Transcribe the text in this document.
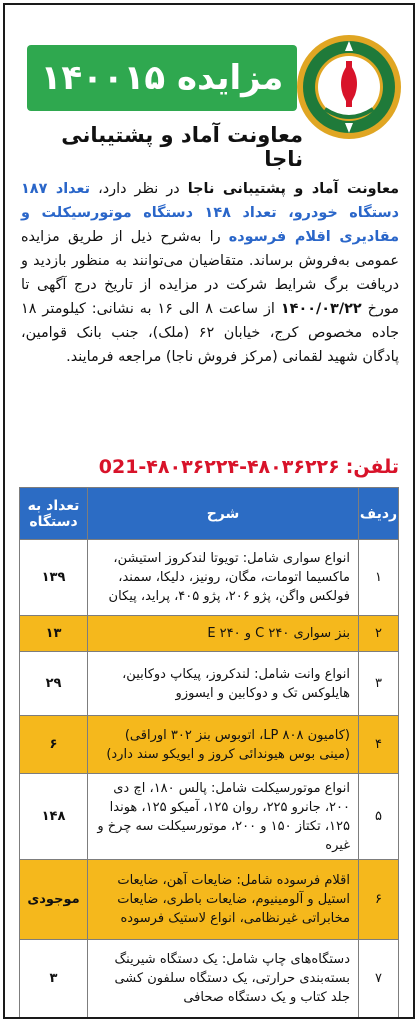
مزایده ۱۴۰۰۱۵
معاونت آماد و پشتیبانی ناجا
معاونت آماد و پشتیبانی ناجا در نظر دارد، تعداد ۱۸۷ دستگاه خودرو، تعداد ۱۴۸ دستگاه موتورسیکلت و مقادیری اقلام فرسوده را به‌شرح ذیل از طریق مزایده عمومی به‌فروش برساند. متقاضیان می‌توانند به منظور بازدید و دریافت برگ شرایط شرکت در مزایده از تاریخ درج آگهی تا مورخ ۱۴۰۰/۰۳/۲۲ از ساعت ۸ الی ۱۶ به نشانی: کیلومتر ۱۸ جاده مخصوص کرج، خیابان ۶۲ (ملک)، جنب بانک قوامین، پادگان شهید لقمانی (مرکز فروش ناجا) مراجعه فرمایند.
تلفن:
021-۴۸۰۳۶۲۲۴-۴۸۰۳۶۲۲۶
ردیف	شرح	تعداد به دستگاه
۱	انواع سواری شامل: تویوتا لندکروز استیشن، ماکسیما اتومات، مگان، رونیز، دلیکا، سمند، فولکس واگن، پژو ۲۰۶، پژو ۴۰۵، پراید، پیکان	۱۳۹
۲	بنز سواری C ۲۴۰ و E ۲۴۰	۱۳
۳	انواع وانت شامل: لندکروز، پیکاپ دوکابین، هایلوکس تک و دوکابین و ایسوزو	۲۹
۴	(کامیون LP ۸۰۸، اتوبوس بنز ۳۰۲ اوراقی) (مینی بوس هیوندائی کروز و ایویکو سند دارد)	۶
۵	انواع موتورسیکلت شامل: پالس ۱۸۰، اچ دی ۲۰۰، جانرو ۲۲۵، روان ۱۲۵، آمیکو ۱۲۵، هوندا ۱۲۵، تکتاز ۱۵۰ و ۲۰۰، موتورسیکلت سه چرخ و غیره	۱۴۸
۶	اقلام فرسوده شامل: ضایعات آهن، ضایعات استیل و آلومینیوم، ضایعات باطری، ضایعات مخابراتی غیرنظامی، انواع لاستیک فرسوده	موجودی
۷	دستگاه‌های چاپ شامل: یک دستگاه شیرینگ بسته‌بندی حرارتی، یک دستگاه سلفون کشی جلد کتاب و یک دستگاه صحافی	۳
